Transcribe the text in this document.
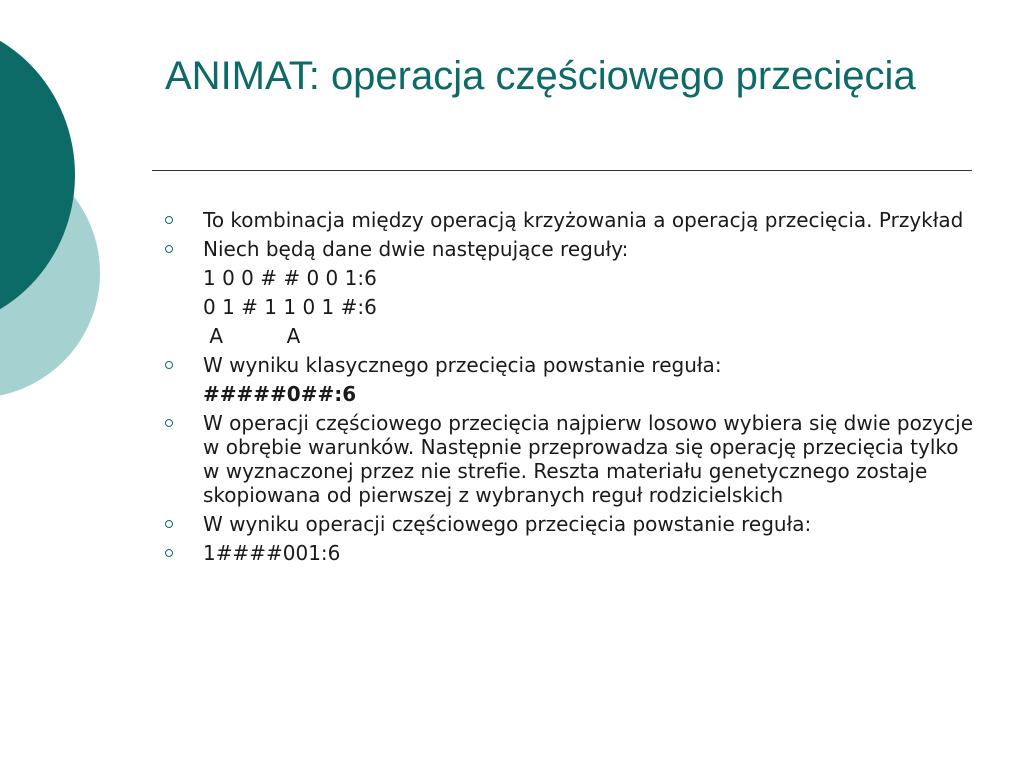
ANIMAT: operacja częściowego przecięcia
To kombinacja między operacją krzyżowania a operacją przecięcia. Przykład
Niech będą dane dwie następujące reguły:
1 0 0 # # 0 0 1:6
0 1 # 1 1 0 1 #:6
A          A
W wyniku klasycznego przecięcia powstanie reguła:
#####0##:6
W operacji częściowego przecięcia najpierw losowo wybiera się dwie pozycje w obrębie warunków. Następnie przeprowadza się operację przecięcia tylko w wyznaczonej przez nie strefie. Reszta materiału genetycznego zostaje skopiowana od pierwszej z wybranych reguł rodzicielskich
W wyniku operacji częściowego przecięcia powstanie reguła:
1####001:6
